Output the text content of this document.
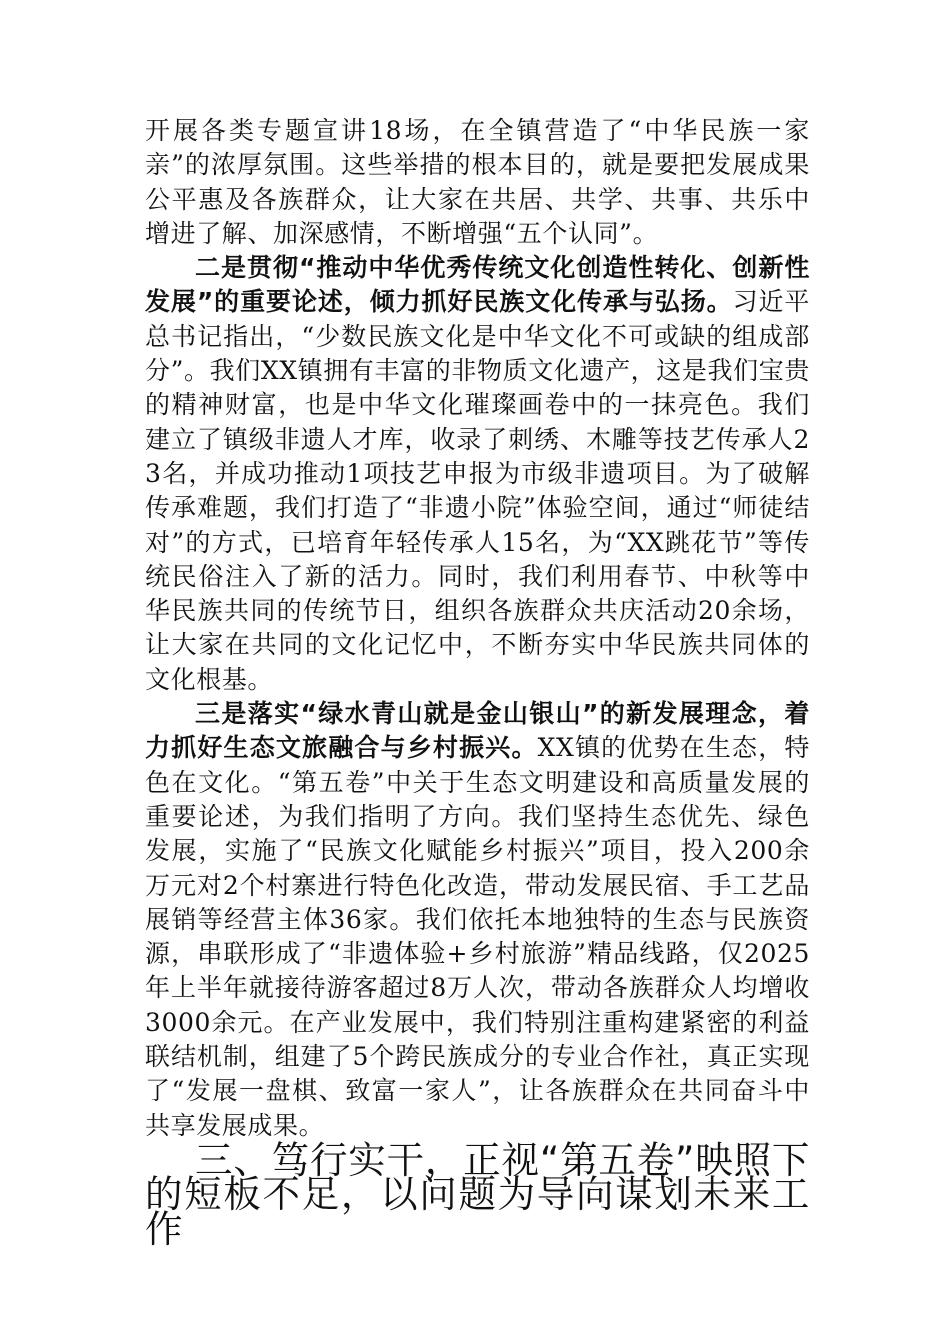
开展各类专题宣讲18场，在全镇营造了“中华民族一家亲”的浓厚氛围。这些举措的根本目的，就是要把发展成果公平惠及各族群众，让大家在共居、共学、共事、共乐中增进了解、加深感情，不断增强“五个认同”。

二是贯彻“推动中华优秀传统文化创造性转化、创新性发展”的重要论述，倾力抓好民族文化传承与弘扬。习近平总书记指出，“少数民族文化是中华文化不可或缺的组成部分”。我们XX镇拥有丰富的非物质文化遗产，这是我们宝贵的精神财富，也是中华文化璀璨画卷中的一抹亮色。我们建立了镇级非遗人才库，收录了刺绣、木雕等技艺传承人23名，并成功推动1项技艺申报为市级非遗项目。为了破解传承难题，我们打造了“非遗小院”体验空间，通过“师徒结对”的方式，已培育年轻传承人15名，为“XX跳花节”等传统民俗注入了新的活力。同时，我们利用春节、中秋等中华民族共同的传统节日，组织各族群众共庆活动20余场，让大家在共同的文化记忆中，不断夯实中华民族共同体的文化根基。

三是落实“绿水青山就是金山银山”的新发展理念，着力抓好生态文旅融合与乡村振兴。XX镇的优势在生态，特色在文化。“第五卷”中关于生态文明建设和高质量发展的重要论述，为我们指明了方向。我们坚持生态优先、绿色发展，实施了“民族文化赋能乡村振兴”项目，投入200余万元对2个村寨进行特色化改造，带动发展民宿、手工艺品展销等经营主体36家。我们依托本地独特的生态与民族资源，串联形成了“非遗体验+乡村旅游”精品线路，仅2025年上半年就接待游客超过8万人次，带动各族群众人均增收3000余元。在产业发展中，我们特别注重构建紧密的利益联结机制，组建了5个跨民族成分的专业合作社，真正实现了“发展一盘棋、致富一家人”，让各族群众在共同奋斗中共享发展成果。

三、笃行实干，正视“第五卷”映照下的短板不足，以问题为导向谋划未来工作
